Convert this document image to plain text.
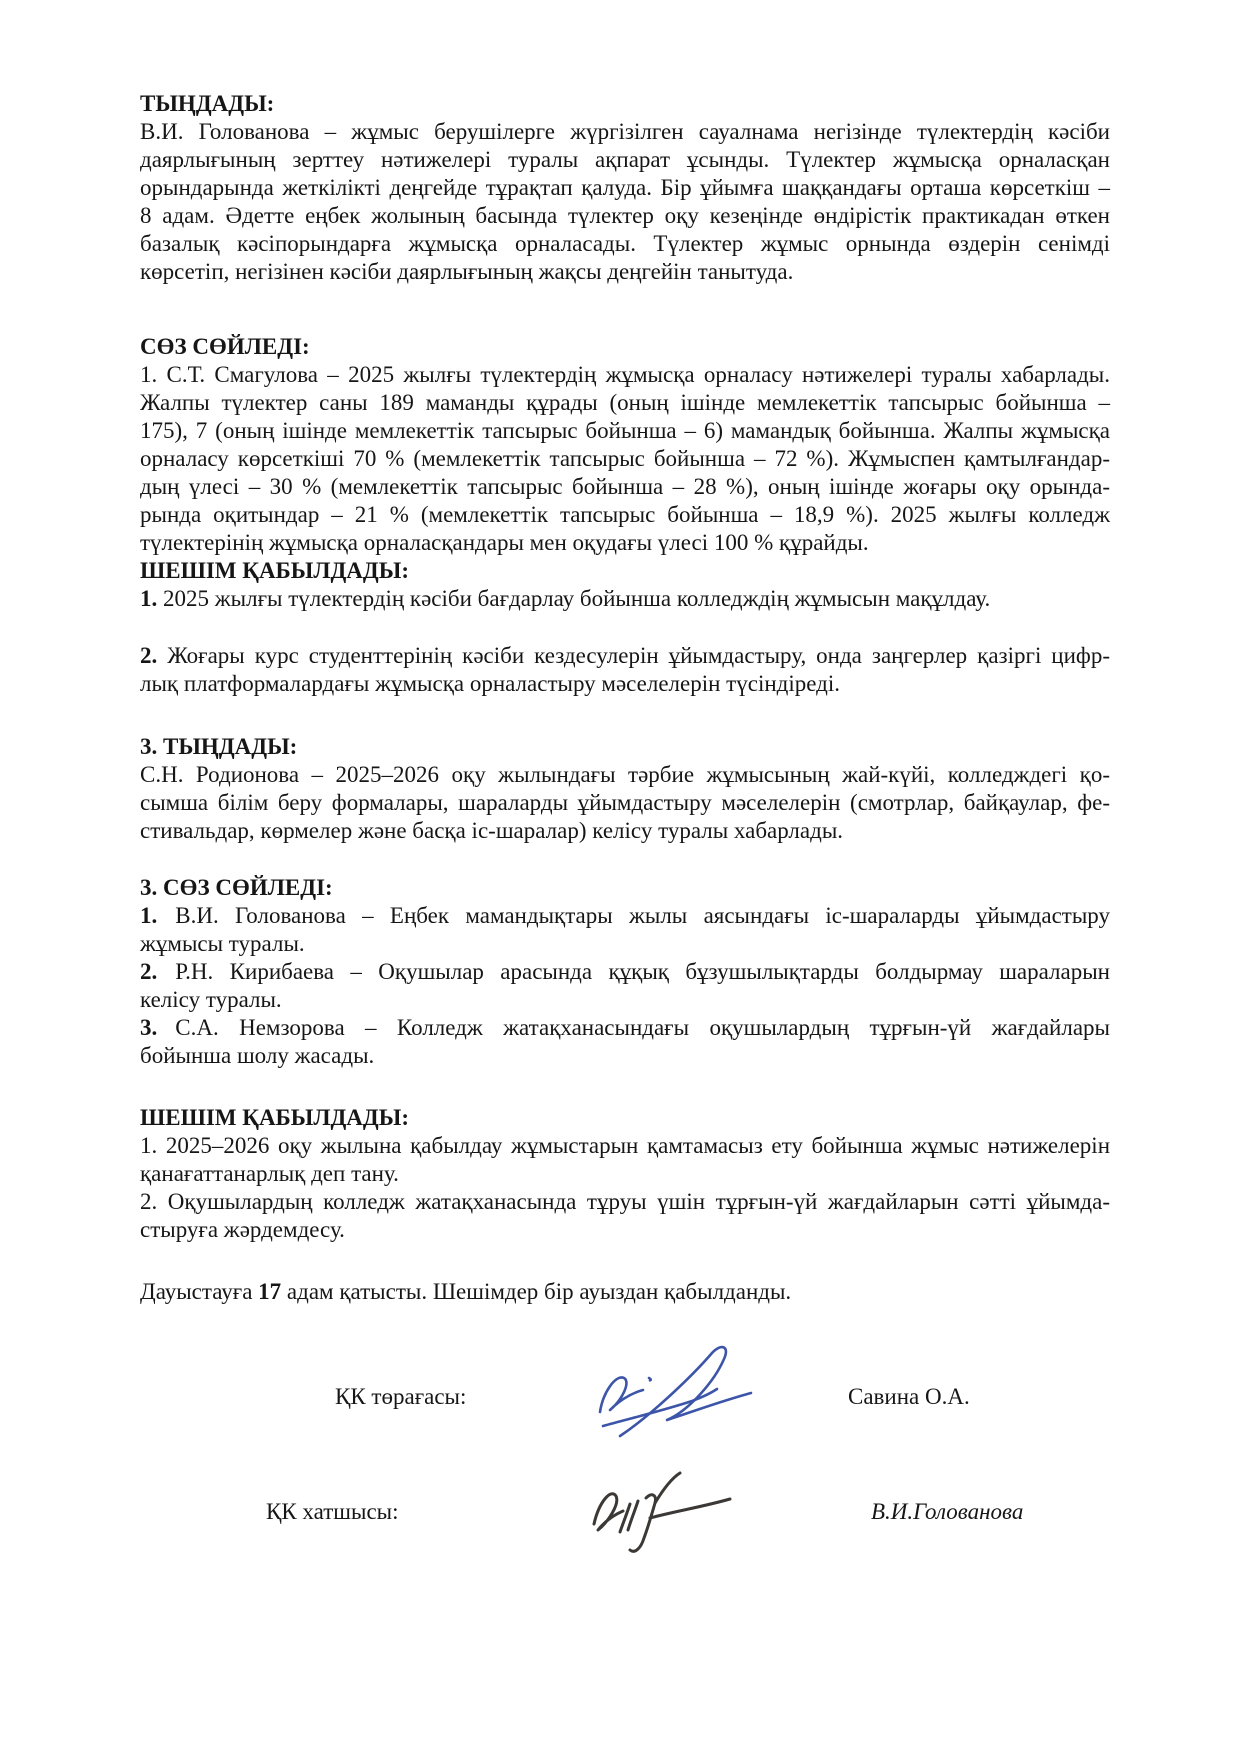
ТЫҢДАДЫ:
В.И. Голованова – жұмыс берушілерге жүргізілген сауалнама негізінде түлектердің кәсіби
даярлығының зерттеу нәтижелері туралы ақпарат ұсынды. Түлектер жұмысқа орналасқан
орындарында жеткілікті деңгейде тұрақтап қалуда. Бір ұйымға шаққандағы орташа көрсеткіш –
8 адам. Әдетте еңбек жолының басында түлектер оқу кезеңінде өндірістік практикадан өткен
базалық кәсіпорындарға жұмысқа орналасады. Түлектер жұмыс орнында өздерін сенімді
көрсетіп, негізінен кәсіби даярлығының жақсы деңгейін танытуда.
СӨЗ СӨЙЛЕДІ:
1. С.Т. Смагулова – 2025 жылғы түлектердің жұмысқа орналасу нәтижелері туралы хабарлады.
Жалпы түлектер саны 189 маманды құрады (оның ішінде мемлекеттік тапсырыс бойынша –
175), 7 (оның ішінде мемлекеттік тапсырыс бойынша – 6) мамандық бойынша. Жалпы жұмысқа
орналасу көрсеткіші 70 % (мемлекеттік тапсырыс бойынша – 72 %). Жұмыспен қамтылғандар-
дың үлесі – 30 % (мемлекеттік тапсырыс бойынша – 28 %), оның ішінде жоғары оқу орында-
рында оқитындар – 21 % (мемлекеттік тапсырыс бойынша – 18,9 %). 2025 жылғы колледж
түлектерінің жұмысқа орналасқандары мен оқудағы үлесі 100 % құрайды.
ШЕШІМ ҚАБЫЛДАДЫ:
1. 2025 жылғы түлектердің кәсіби бағдарлау бойынша колледждің жұмысын мақұлдау.
2. Жоғары курс студенттерінің кәсіби кездесулерін ұйымдастыру, онда заңгерлер қазіргі цифр-
лық платформалардағы жұмысқа орналастыру мәселелерін түсіндіреді.
3. ТЫҢДАДЫ:
С.Н. Родионова – 2025–2026 оқу жылындағы тәрбие жұмысының жай-күйі, колледждегі қо-
сымша білім беру формалары, шараларды ұйымдастыру мәселелерін (смотрлар, байқаулар, фе-
стивальдар, көрмелер және басқа іс-шаралар) келісу туралы хабарлады.
3. СӨЗ СӨЙЛЕДІ:
1. В.И. Голованова – Еңбек мамандықтары жылы аясындағы іс-шараларды ұйымдастыру
жұмысы туралы.
2. Р.Н. Кирибаева – Оқушылар арасында құқық бұзушылықтарды болдырмау шараларын
келісу туралы.
3. С.А. Немзорова – Колледж жатақханасындағы оқушылардың тұрғын-үй жағдайлары
бойынша шолу жасады.
ШЕШІМ ҚАБЫЛДАДЫ:
1. 2025–2026 оқу жылына қабылдау жұмыстарын қамтамасыз ету бойынша жұмыс нәтижелерін
қанағаттанарлық деп тану.
2. Оқушылардың колледж жатақханасында тұруы үшін тұрғын-үй жағдайларын сәтті ұйымда-
стыруға жәрдемдесу.
Дауыстауға 17 адам қатысты. Шешімдер бір ауыздан қабылданды.
ҚК төрағасы:	Савина О.А.
ҚК хатшысы:	В.И.Голованова
